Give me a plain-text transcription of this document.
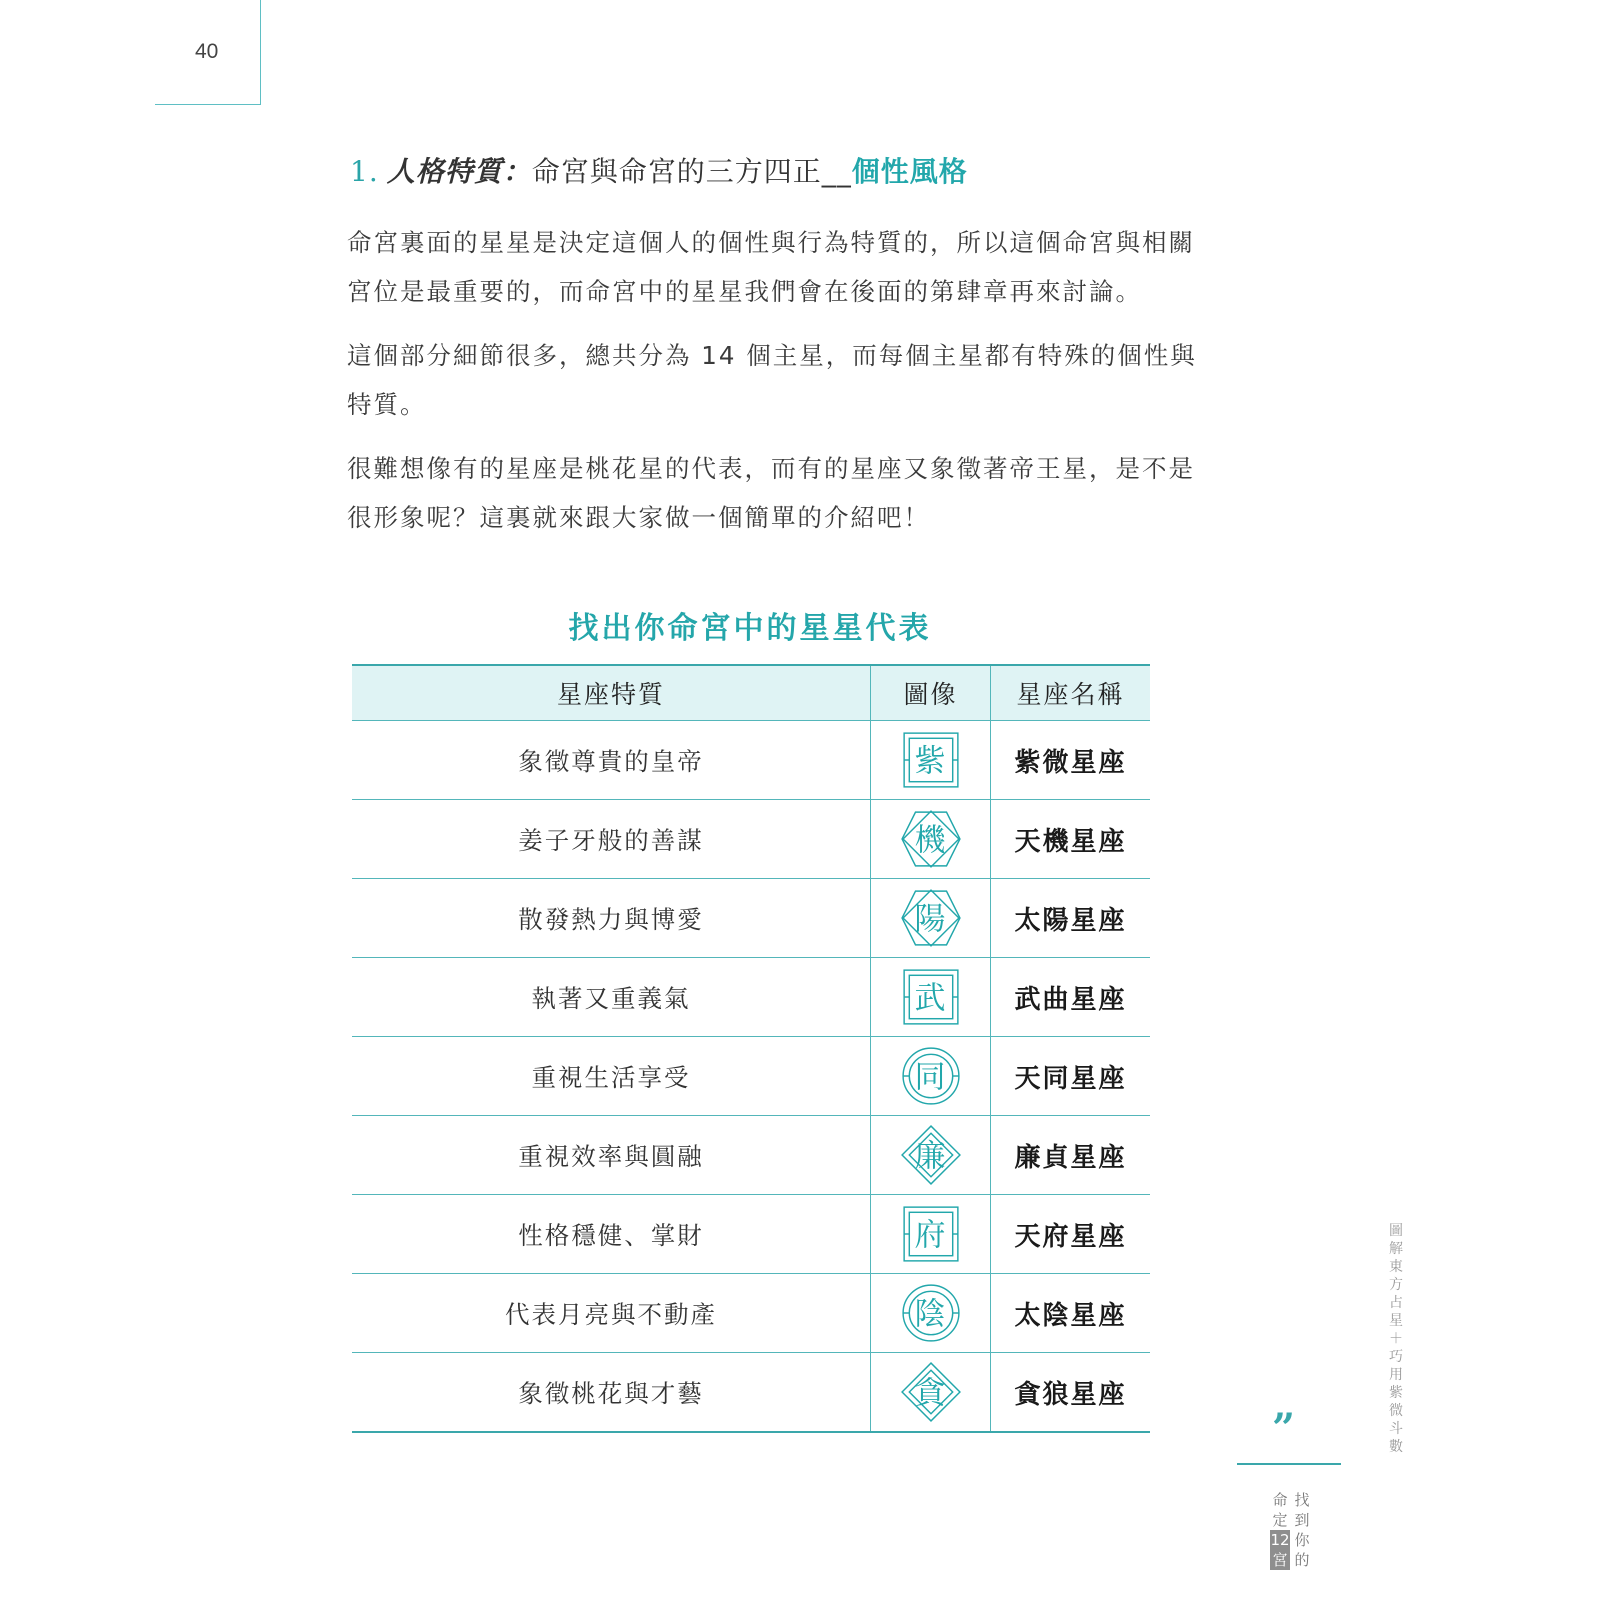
40
1. 人格特質：命宮與命宮的三方四正__個性風格

命宮裏面的星星是決定這個人的個性與行為特質的，所以這個命宮與相關宮位是最重要的，而命宮中的星星我們會在後面的第肆章再來討論。

這個部分細節很多，總共分為 14 個主星，而每個主星都有特殊的個性與特質。

很難想像有的星座是桃花星的代表，而有的星座又象徵著帝王星，是不是很形象呢？這裏就來跟大家做一個簡單的介紹吧！

找出你命宮中的星星代表
星座特質	圖像	星座名稱
象徵尊貴的皇帝	紫	紫微星座
姜子牙般的善謀	機	天機星座
散發熱力與博愛	陽	太陽星座
執著又重義氣	武	武曲星座
重視生活享受	同	天同星座
重視效率與圓融	廉	廉貞星座
性格穩健、掌財	府	天府星座
代表月亮與不動產	陰	太陰星座
象徵桃花與才藝	貪	貪狼星座
圖解東方占星＋巧用紫微斗數
”
命
定
12
宮
找
到
你
的
